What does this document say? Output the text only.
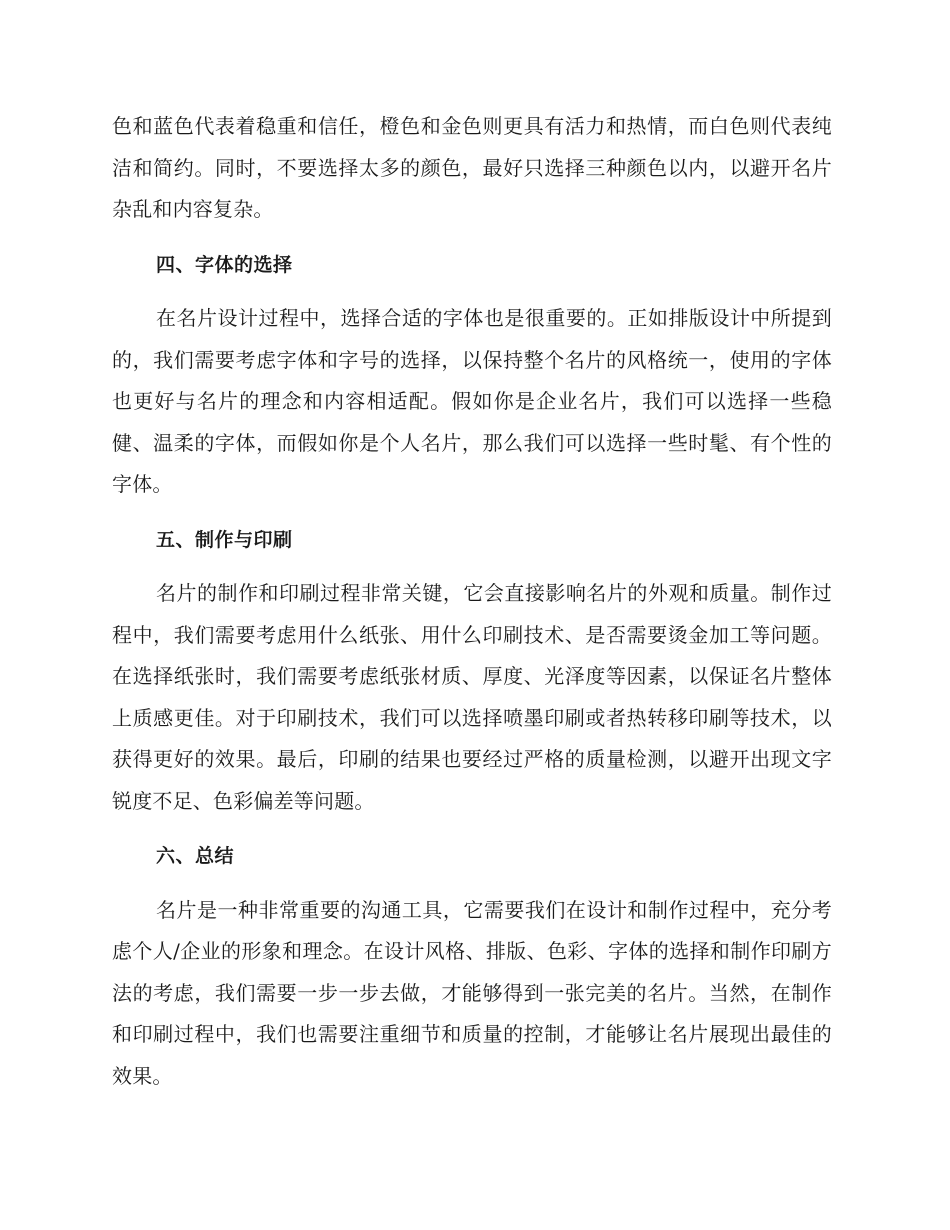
色和蓝色代表着稳重和信任，橙色和金色则更具有活力和热情，而白色则代表纯洁和简约。同时，不要选择太多的颜色，最好只选择三种颜色以内，以避开名片杂乱和内容复杂。

四、字体的选择

在名片设计过程中，选择合适的字体也是很重要的。正如排版设计中所提到的，我们需要考虑字体和字号的选择，以保持整个名片的风格统一，使用的字体也更好与名片的理念和内容相适配。假如你是企业名片，我们可以选择一些稳健、温柔的字体，而假如你是个人名片，那么我们可以选择一些时髦、有个性的字体。

五、制作与印刷

名片的制作和印刷过程非常关键，它会直接影响名片的外观和质量。制作过程中，我们需要考虑用什么纸张、用什么印刷技术、是否需要烫金加工等问题。在选择纸张时，我们需要考虑纸张材质、厚度、光泽度等因素，以保证名片整体上质感更佳。对于印刷技术，我们可以选择喷墨印刷或者热转移印刷等技术，以获得更好的效果。最后，印刷的结果也要经过严格的质量检测，以避开出现文字锐度不足、色彩偏差等问题。

六、总结

名片是一种非常重要的沟通工具，它需要我们在设计和制作过程中，充分考虑个人/企业的形象和理念。在设计风格、排版、色彩、字体的选择和制作印刷方法的考虑，我们需要一步一步去做，才能够得到一张完美的名片。当然，在制作和印刷过程中，我们也需要注重细节和质量的控制，才能够让名片展现出最佳的效果。
